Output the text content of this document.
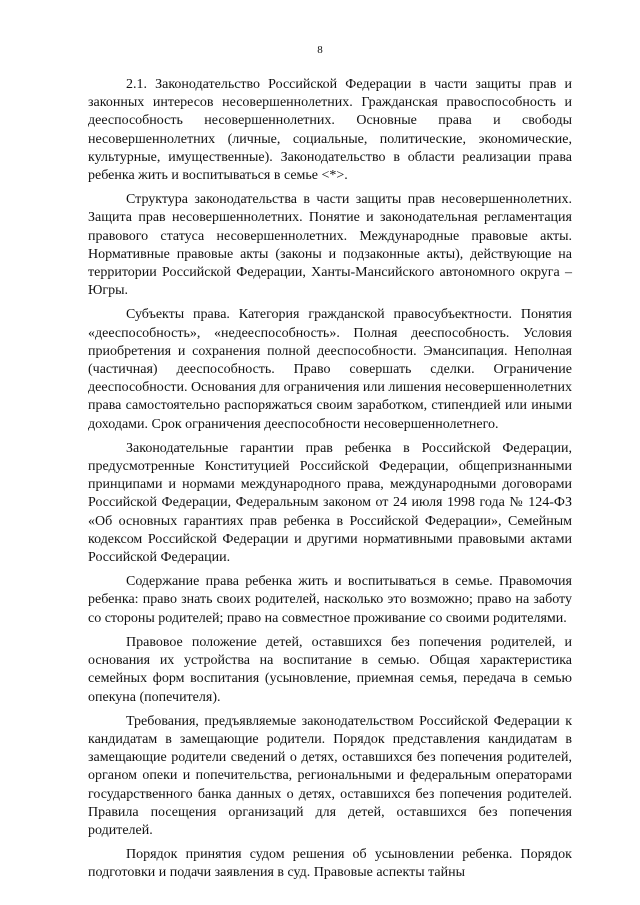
8

2.1. Законодательство Российской Федерации в части защиты прав и законных интересов несовершеннолетних. Гражданская правоспособность и дееспособность несовершеннолетних. Основные права и свободы несовершеннолетних (личные, социальные, политические, экономические, культурные, имущественные). Законодательство в области реализации права ребенка жить и воспитываться в семье <*>.

Структура законодательства в части защиты прав несовершеннолетних. Защита прав несовершеннолетних. Понятие и законодательная регламентация правового статуса несовершеннолетних. Международные правовые акты. Нормативные правовые акты (законы и подзаконные акты), действующие на территории Российской Федерации, Ханты-Мансийского автономного округа – Югры.

Субъекты права. Категория гражданской правосубъектности. Понятия «дееспособность», «недееспособность». Полная дееспособность. Условия приобретения и сохранения полной дееспособности. Эмансипация. Неполная (частичная) дееспособность. Право совершать сделки. Ограничение дееспособности. Основания для ограничения или лишения несовершеннолетних права самостоятельно распоряжаться своим заработком, стипендией или иными доходами. Срок ограничения дееспособности несовершеннолетнего.

Законодательные гарантии прав ребенка в Российской Федерации, предусмотренные Конституцией Российской Федерации, общепризнанными принципами и нормами международного права, международными договорами Российской Федерации, Федеральным законом от 24 июля 1998 года № 124-ФЗ «Об основных гарантиях прав ребенка в Российской Федерации», Семейным кодексом Российской Федерации и другими нормативными правовыми актами Российской Федерации.

Содержание права ребенка жить и воспитываться в семье. Правомочия ребенка: право знать своих родителей, насколько это возможно; право на заботу со стороны родителей; право на совместное проживание со своими родителями.

Правовое положение детей, оставшихся без попечения родителей, и основания их устройства на воспитание в семью. Общая характеристика семейных форм воспитания (усыновление, приемная семья, передача в семью опекуна (попечителя).

Требования, предъявляемые законодательством Российской Федерации к кандидатам в замещающие родители. Порядок представления кандидатам в замещающие родители сведений о детях, оставшихся без попечения родителей, органом опеки и попечительства, региональными и федеральным операторами государственного банка данных о детях, оставшихся без попечения родителей. Правила посещения организаций для детей, оставшихся без попечения родителей.

Порядок принятия судом решения об усыновлении ребенка. Порядок подготовки и подачи заявления в суд. Правовые аспекты тайны
